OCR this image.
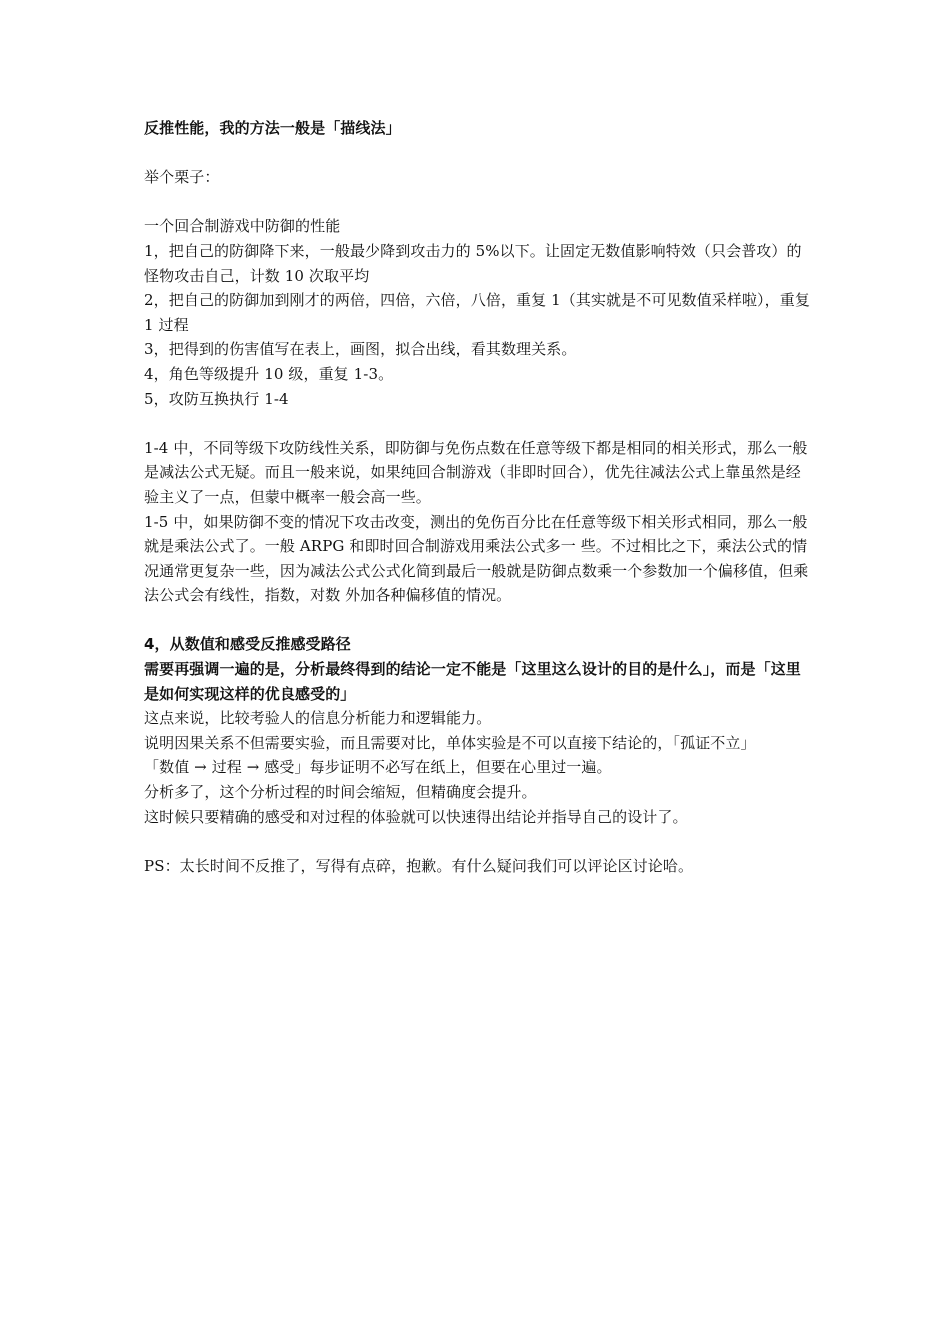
反推性能，我的方法一般是「描线法」

举个栗子：

一个回合制游戏中防御的性能

1，把自己的防御降下来，一般最少降到攻击力的 5%以下。让固定无数值影响特效（只会普攻）的怪物攻击自己，计数 10 次取平均

2，把自己的防御加到刚才的两倍，四倍，六倍，八倍，重复 1（其实就是不可见数值采样啦），重复 1 过程

3，把得到的伤害值写在表上，画图，拟合出线，看其数理关系。

4，角色等级提升 10 级，重复 1-3。

5，攻防互换执行 1-4

1-4 中，不同等级下攻防线性关系，即防御与免伤点数在任意等级下都是相同的相关形式，那么一般是减法公式无疑。而且一般来说，如果纯回合制游戏（非即时回合），优先往减法公式上靠虽然是经验主义了一点，但蒙中概率一般会高一些。

1-5 中，如果防御不变的情况下攻击改变，测出的免伤百分比在任意等级下相关形式相同，那么一般就是乘法公式了。一般 ARPG 和即时回合制游戏用乘法公式多一 些。不过相比之下，乘法公式的情况通常更复杂一些，因为减法公式公式化简到最后一般就是防御点数乘一个参数加一个偏移值，但乘法公式会有线性，指数，对数 外加各种偏移值的情况。

4，从数值和感受反推感受路径

需要再强调一遍的是，分析最终得到的结论一定不能是「这里这么设计的目的是什么」，而是「这里是如何实现这样的优良感受的」

这点来说，比较考验人的信息分析能力和逻辑能力。

说明因果关系不但需要实验，而且需要对比，单体实验是不可以直接下结论的，「孤证不立」

「数值 → 过程 → 感受」每步证明不必写在纸上，但要在心里过一遍。

分析多了，这个分析过程的时间会缩短，但精确度会提升。

这时候只要精确的感受和对过程的体验就可以快速得出结论并指导自己的设计了。

PS：太长时间不反推了，写得有点碎，抱歉。有什么疑问我们可以评论区讨论哈。
